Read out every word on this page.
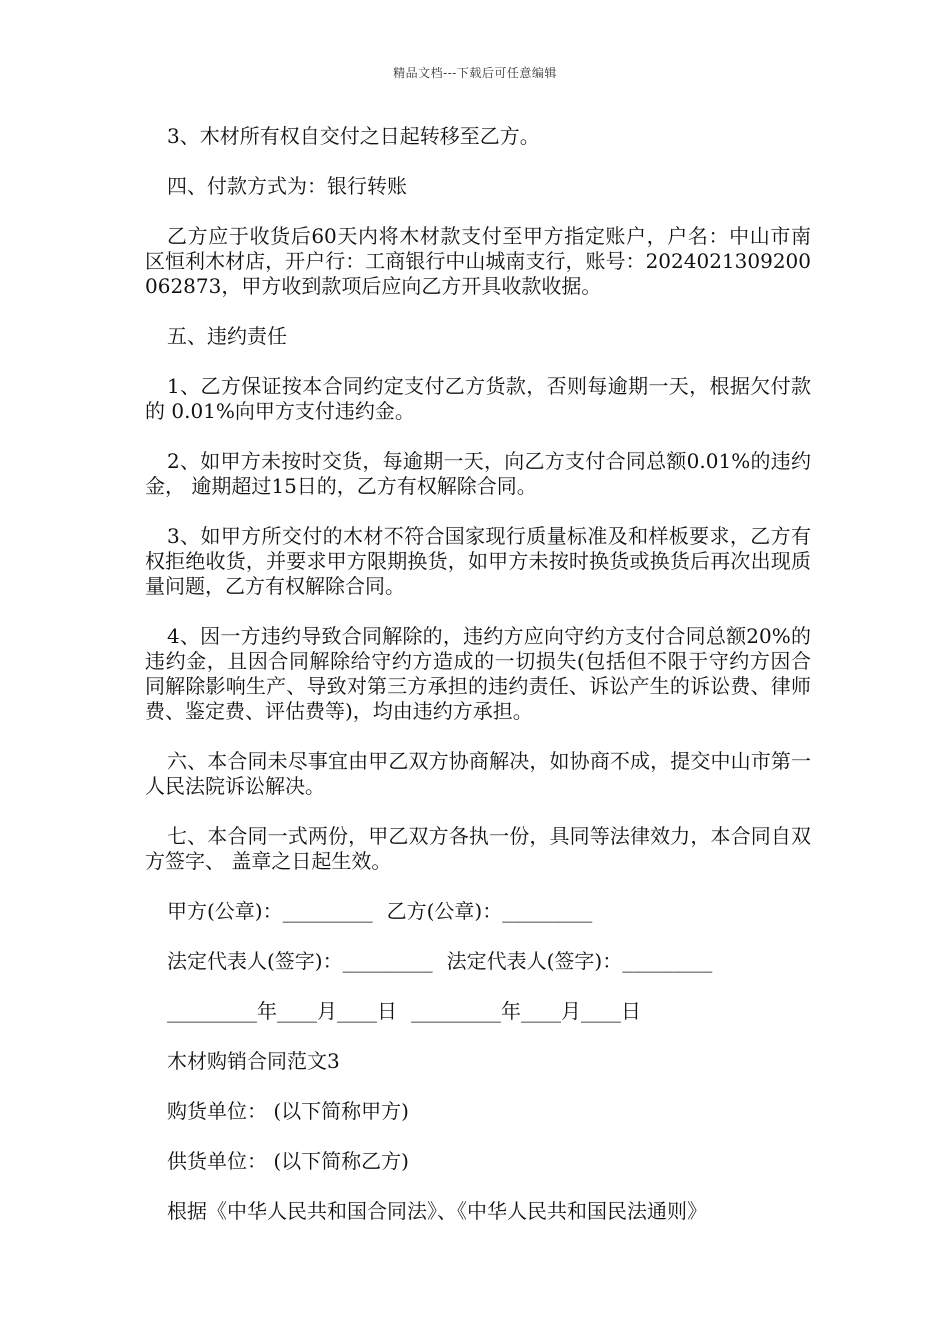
精品文档---下载后可任意编辑

3、木材所有权自交付之日起转移至乙方。

四、付款方式为：银行转账

乙方应于收货后60天内将木材款支付至甲方指定账户，户名：中山市南区恒利木材店，开户行：工商银行中山城南支行，账号：2024021309200062873，甲方收到款项后应向乙方开具收款收据。

五、违约责任

1、乙方保证按本合同约定支付乙方货款，否则每逾期一天，根据欠付款的 0.01%向甲方支付违约金。

2、如甲方未按时交货，每逾期一天，向乙方支付合同总额0.01%的违约金， 逾期超过15日的，乙方有权解除合同。

3、如甲方所交付的木材不符合国家现行质量标准及和样板要求，乙方有 权拒绝收货，并要求甲方限期换货，如甲方未按时换货或换货后再次出现质量问题，乙方有权解除合同。

4、因一方违约导致合同解除的，违约方应向守约方支付合同总额20%的违约金，且因合同解除给守约方造成的一切损失(包括但不限于守约方因合同解除影响生产、导致对第三方承担的违约责任、诉讼产生的诉讼费、律师费、鉴定费、评估费等)，均由违约方承担。

六、本合同未尽事宜由甲乙双方协商解决，如协商不成，提交中山市第一人民法院诉讼解决。

七、本合同一式两份，甲乙双方各执一份，具同等法律效力，本合同自双方签字、 盖章之日起生效。

甲方(公章)：_________ 乙方(公章)：_________
法定代表人(签字)：_________ 法定代表人(签字)：_________
_________年____月____日 _________年____月____日
木材购销合同范文3
购货单位： (以下简称甲方)
供货单位： (以下简称乙方)
根据《中华人民共和国合同法》、《中华人民共和国民法通则》
